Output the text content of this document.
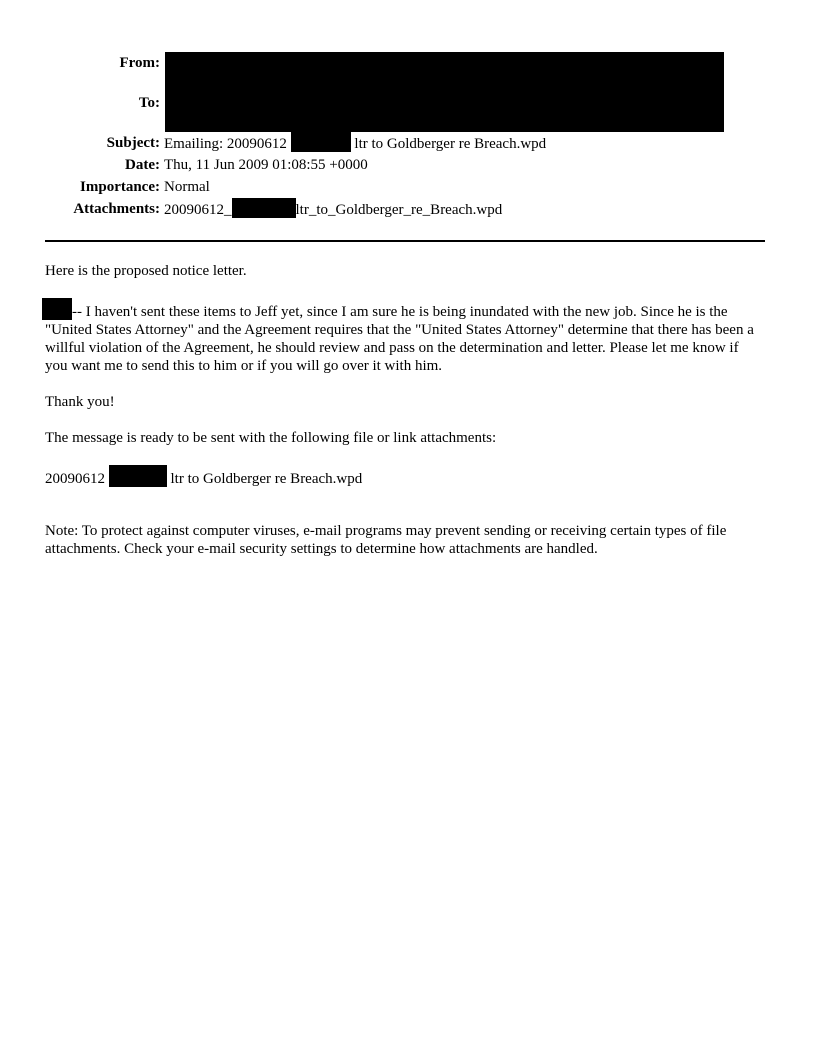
From:
To:
Subject: Emailing: 20090612	ltr to Goldberger re Breach.wpd
Date: Thu, 11 Jun 2009 01:08:55 +0000
Importance: Normal
Attachments: 20090612_	ltr_to_Goldberger_re_Breach.wpd

Here is the proposed notice letter.

-- I haven't sent these items to Jeff yet, since I am sure he is being inundated with the new job. Since he is the "United States Attorney" and the Agreement requires that the "United States Attorney" determine that there has been a willful violation of the Agreement, he should review and pass on the determination and letter. Please let me know if you want me to send this to him or if you will go over it with him.

Thank you!

The message is ready to be sent with the following file or link attachments:

20090612	ltr to Goldberger re Breach.wpd

Note: To protect against computer viruses, e-mail programs may prevent sending or receiving certain types of file attachments. Check your e-mail security settings to determine how attachments are handled.
